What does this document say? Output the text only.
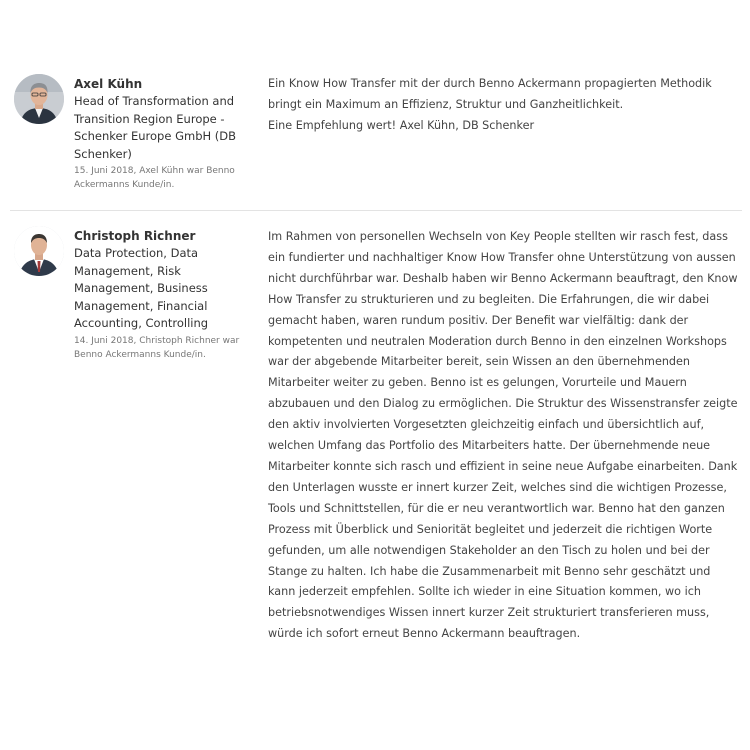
Axel Kühn
Head of Transformation and Transition Region Europe - Schenker Europe GmbH (DB Schenker)
15. Juni 2018, Axel Kühn war Benno Ackermanns Kunde/in.
Ein Know How Transfer mit der durch Benno Ackermann propagierten Methodik
bringt ein Maximum an Effizienz, Struktur und Ganzheitlichkeit.
Eine Empfehlung wert! Axel Kühn, DB Schenker
Christoph Richner
Data Protection, Data Management, Risk Management, Business Management, Financial Accounting, Controlling
14. Juni 2018, Christoph Richner war Benno Ackermanns Kunde/in.
Im Rahmen von personellen Wechseln von Key People stellten wir rasch fest, dass ein fundierter und nachhaltiger Know How Transfer ohne Unterstützung von aussen nicht durchführbar war. Deshalb haben wir Benno Ackermann beauftragt, den Know How Transfer zu strukturieren und zu begleiten. Die Erfahrungen, die wir dabei gemacht haben, waren rundum positiv. Der Benefit war vielfältig: dank der kompetenten und neutralen Moderation durch Benno in den einzelnen Workshops war der abgebende Mitarbeiter bereit, sein Wissen an den übernehmenden Mitarbeiter weiter zu geben. Benno ist es gelungen, Vorurteile und Mauern abzubauen und den Dialog zu ermöglichen. Die Struktur des Wissenstransfer zeigte den aktiv involvierten Vorgesetzten gleichzeitig einfach und übersichtlich auf, welchen Umfang das Portfolio des Mitarbeiters hatte. Der übernehmende neue Mitarbeiter konnte sich rasch und effizient in seine neue Aufgabe einarbeiten. Dank den Unterlagen wusste er innert kurzer Zeit, welches sind die wichtigen Prozesse, Tools und Schnittstellen, für die er neu verantwortlich war. Benno hat den ganzen Prozess mit Überblick und Seniorität begleitet und jederzeit die richtigen Worte gefunden, um alle notwendigen Stakeholder an den Tisch zu holen und bei der Stange zu halten. Ich habe die Zusammenarbeit mit Benno sehr geschätzt und kann jederzeit empfehlen. Sollte ich wieder in eine Situation kommen, wo ich betriebsnotwendiges Wissen innert kurzer Zeit strukturiert transferieren muss, würde ich sofort erneut Benno Ackermann beauftragen.
